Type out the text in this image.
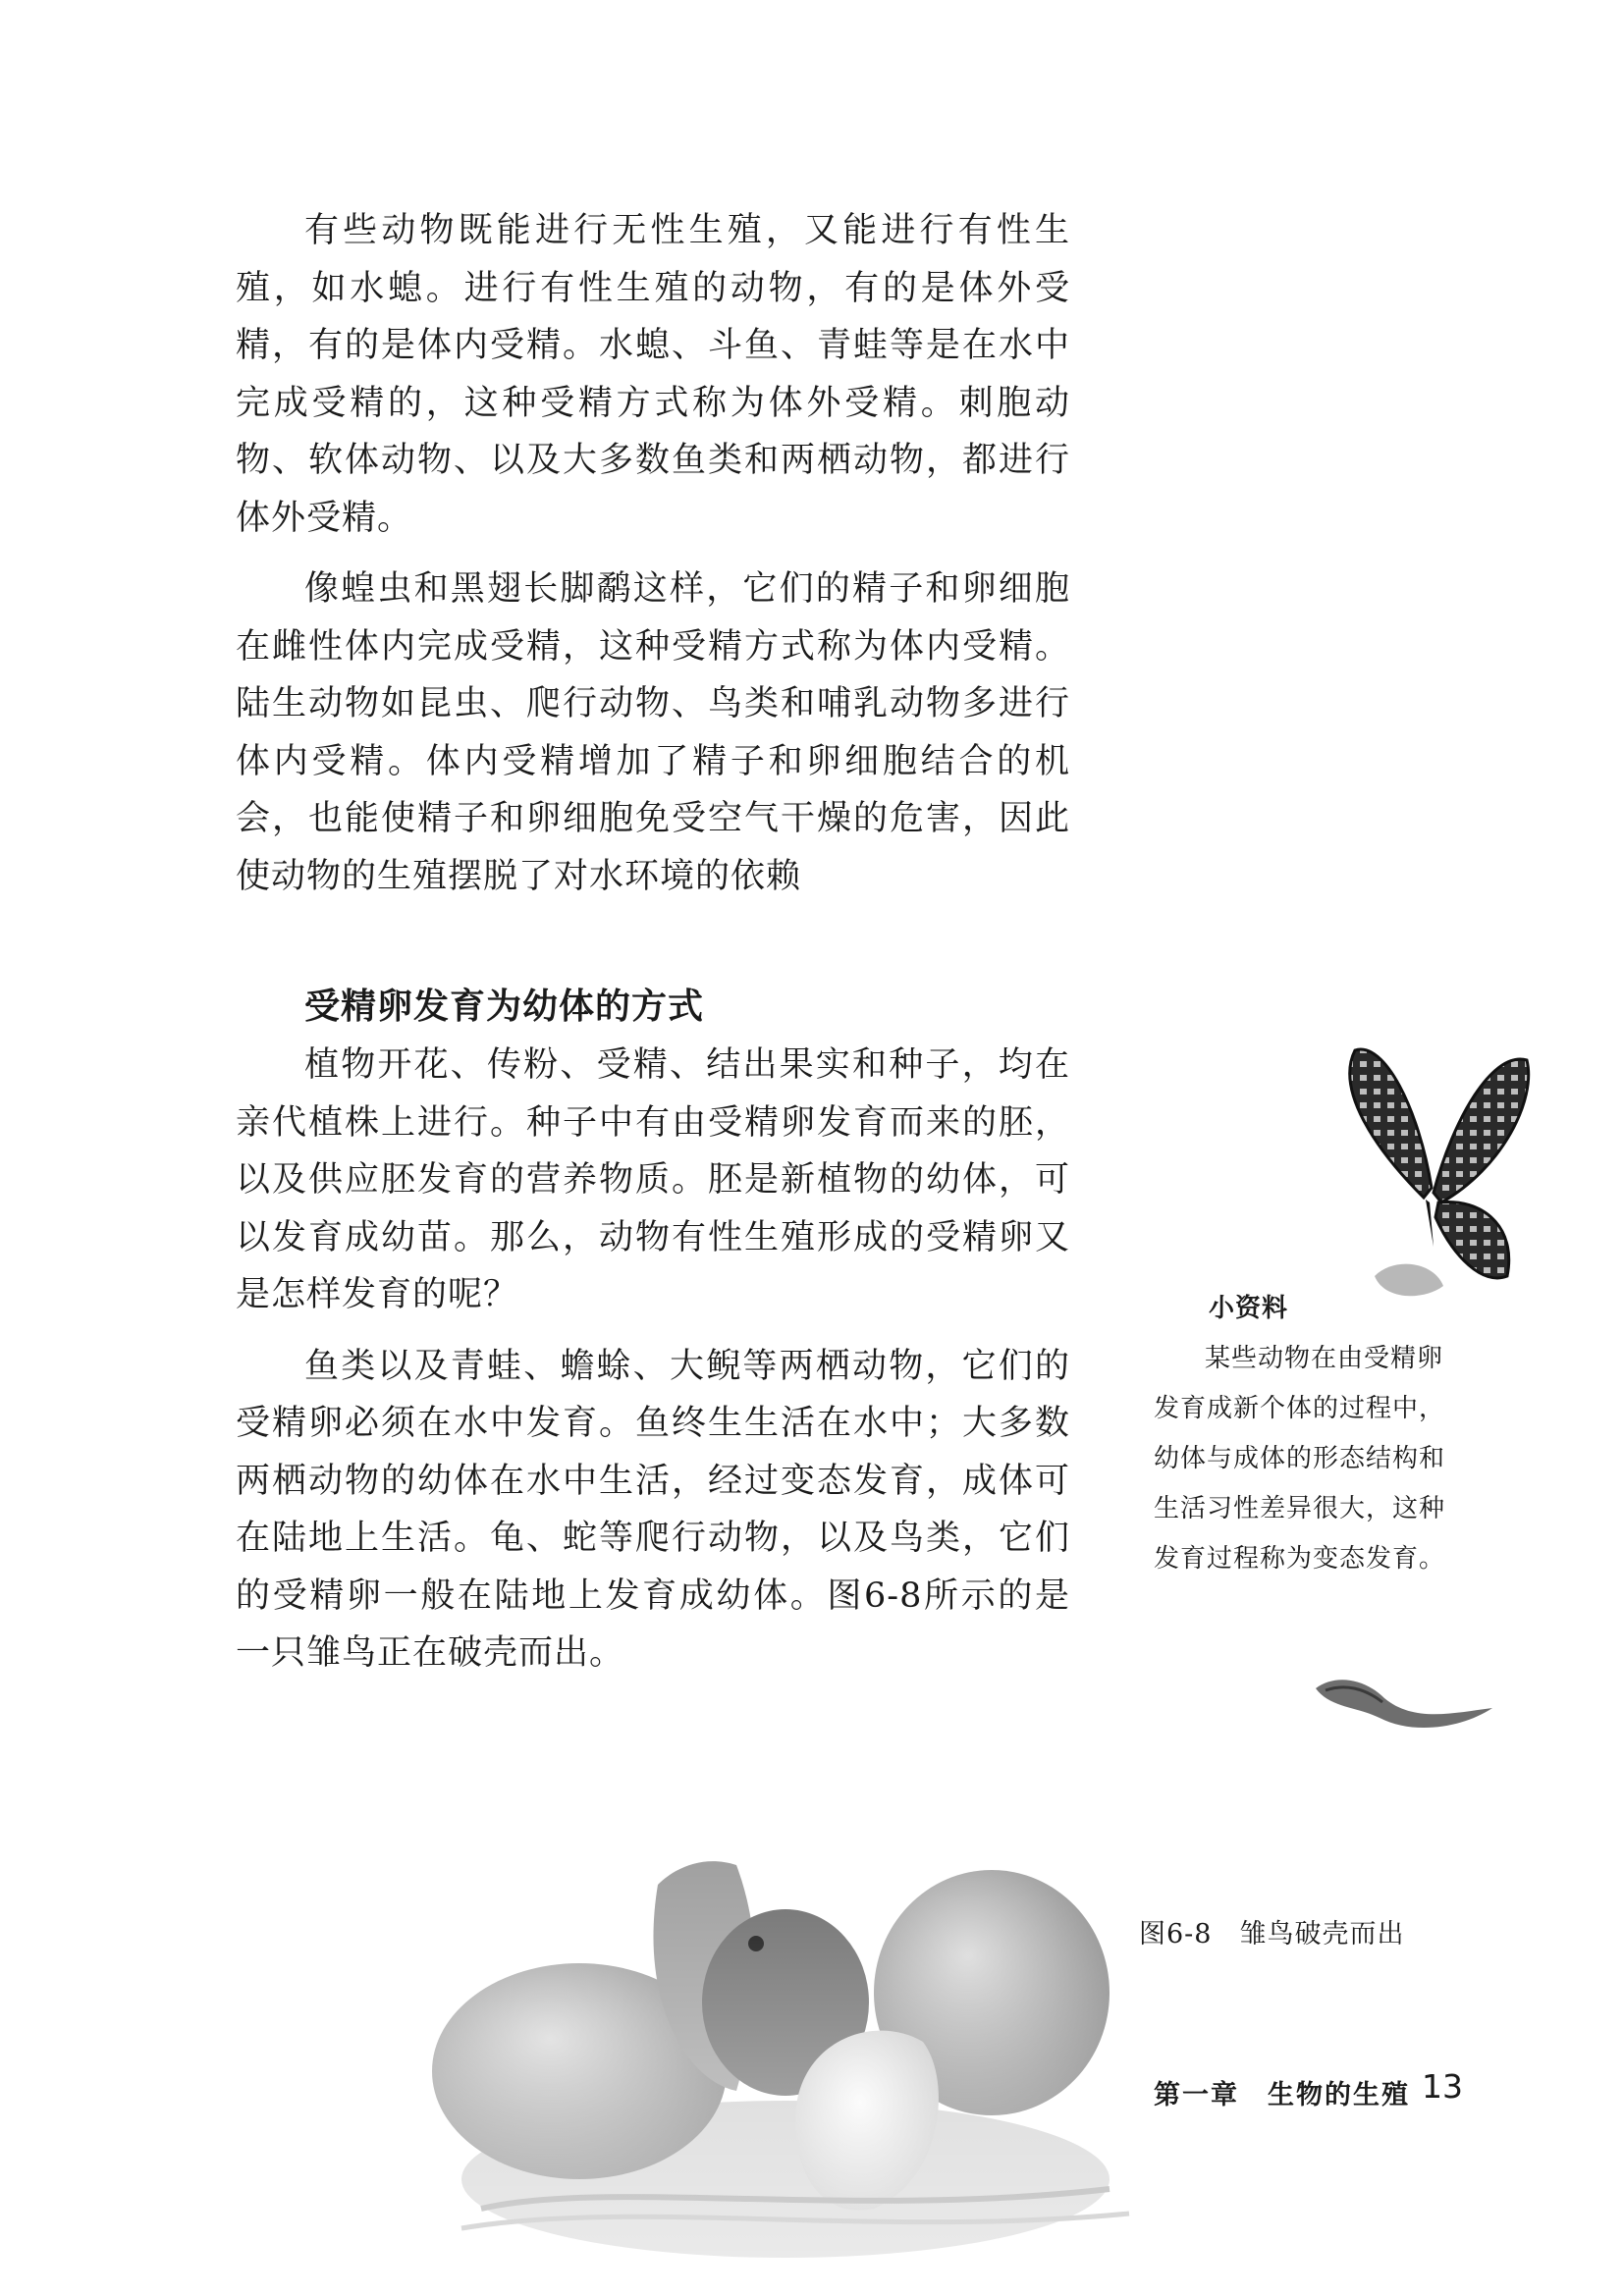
有些动物既能进行无性生殖，又能进行有性生殖，如水螅。进行有性生殖的动物，有的是体外受精，有的是体内受精。水螅、斗鱼、青蛙等是在水中完成受精的，这种受精方式称为体外受精。刺胞动物、软体动物、以及大多数鱼类和两栖动物，都进行体外受精。

像蝗虫和黑翅长脚鹬这样，它们的精子和卵细胞在雌性体内完成受精，这种受精方式称为体内受精。陆生动物如昆虫、爬行动物、鸟类和哺乳动物多进行体内受精。体内受精增加了精子和卵细胞结合的机会，也能使精子和卵细胞免受空气干燥的危害，因此使动物的生殖摆脱了对水环境的依赖

受精卵发育为幼体的方式

植物开花、传粉、受精、结出果实和种子，均在亲代植株上进行。种子中有由受精卵发育而来的胚，以及供应胚发育的营养物质。胚是新植物的幼体，可以发育成幼苗。那么，动物有性生殖形成的受精卵又是怎样发育的呢？

鱼类以及青蛙、蟾蜍、大鲵等两栖动物，它们的受精卵必须在水中发育。鱼终生生活在水中；大多数两栖动物的幼体在水中生活，经过变态发育，成体可在陆地上生活。龟、蛇等爬行动物，以及鸟类，它们的受精卵一般在陆地上发育成幼体。图6-8所示的是一只雏鸟正在破壳而出。

小资料

某些动物在由受精卵发育成新个体的过程中，幼体与成体的形态结构和生活习性差异很大，这种发育过程称为变态发育。

图6-8　雏鸟破壳而出
第一章　生物的生殖 13
